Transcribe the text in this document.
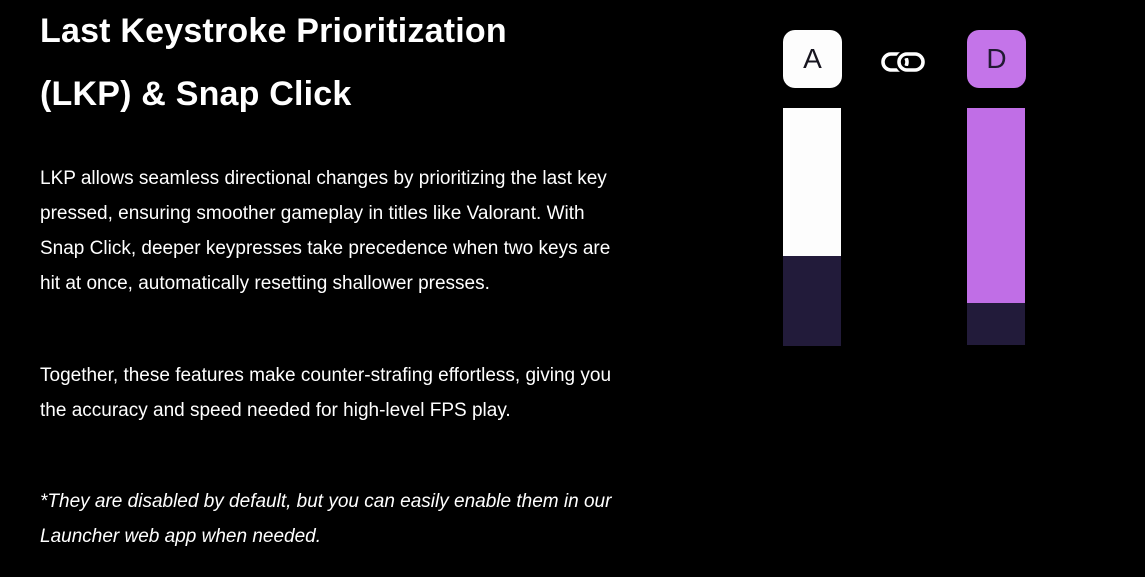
Last Keystroke Prioritization
(LKP) & Snap Click

LKP allows seamless directional changes by prioritizing the last key pressed, ensuring smoother gameplay in titles like Valorant. With Snap Click, deeper keypresses take precedence when two keys are hit at once, automatically resetting shallower presses.

Together, these features make counter-strafing effortless, giving you the accuracy and speed needed for high-level FPS play.

*They are disabled by default, but you can easily enable them in our Launcher web app when needed.

A	D
